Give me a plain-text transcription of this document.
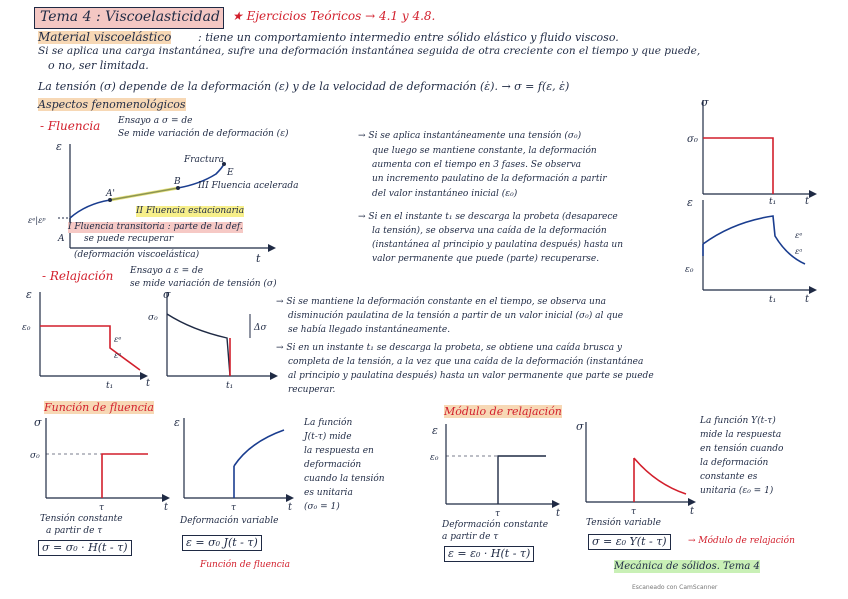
Tema 4 : Viscoelasticidad ★ Ejercicios Teóricos → 4.1 y 4.8.
Material viscoelástico : tiene un comportamiento intermedio entre sólido elástico y fluido viscoso.
Si se aplica una carga instantánea, sufre una deformación instantánea seguida de otra creciente con el tiempo y que puede,
o no, ser limitada.
La tensión (σ) depende de la deformación (ε) y de la velocidad de deformación (ε̇). → σ = f(ε, ε̇)
Aspectos fenomenológicos
- Fluencia Ensayo a σ = de
Se mide variación de deformación (ε)
ε
t
Fractura
E
B
A'
A
εᵉ|εᵖ
III Fluencia acelerada
II Fluencia estacionaria
I Fluencia transitoria : parte de la def.
se puede recuperar
(deformación viscoelástica)
→ Si se aplica instantáneamente una tensión (σ₀)
que luego se mantiene constante, la deformación
aumenta con el tiempo en 3 fases. Se observa
un incremento paulatino de la deformación a partir
del valor instantáneo inicial (ε₀)
→ Si en el instante t₁ se descarga la probeta (desaparece
la tensión), se observa una caída de la deformación
(instantánea al principio y paulatina después) hasta un
valor permanente que puede (parte) recuperarse.
σ
σ₀
t₁	t
ε
ε₀
εᵉ
εᵃ
t₁	t
- Relajación Ensayo a ε = de
se mide variación de tensión (σ)
ε
ε₀
εᵉ
εᵃ
t₁	t
σ
σ₀
Δσ
t₁
→ Si se mantiene la deformación constante en el tiempo, se observa una
disminución paulatina de la tensión a partir de un valor inicial (σ₀) al que
se había llegado instantáneamente.
→ Si en un instante t₁ se descarga la probeta, se obtiene una caída brusca y
completa de la tensión, a la vez que una caída de la deformación (instantánea
al principio y paulatina después) hasta un valor permanente que parte se puede
recuperar.
Función de fluencia
σ
σ₀
τ	t
Tensión constante
a partir de τ
σ = σ₀ · H(t - τ)
ε
τ	t
Deformación variable
ε = σ₀ J(t - τ)
Función de fluencia
La función
J(t-τ) mide
la respuesta en
deformación
cuando la tensión
es unitaria
(σ₀ = 1)
Módulo de relajación
ε
ε₀
τ	t
Deformación constante
a partir de τ
ε = ε₀ · H(t - τ)
σ
τ	t
Tensión variable
σ = ε₀ Y(t - τ)	→ Módulo de relajación
La función Y(t-τ)
mide la respuesta
en tensión cuando
la deformación
constante es
unitaria (ε₀ = 1)
Mecánica de sólidos. Tema 4
Escaneado con CamScanner
